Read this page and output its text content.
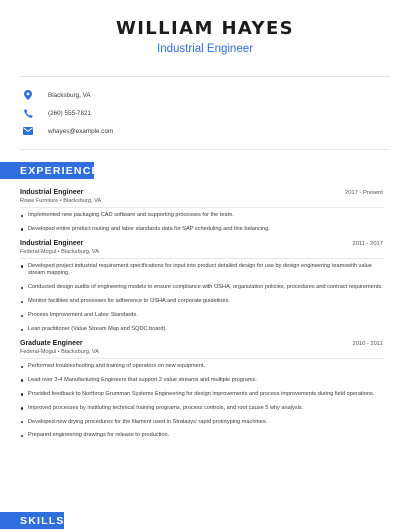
WILLIAM HAYES
Industrial Engineer
Blacksburg, VA
(260) 555-7821
whayes@example.com
EXPERIENCE
Industrial Engineer	2017 - Present
Rowe Furniture • Blacksburg, VA
Implemented new packaging CAD software and supporting processes for the team.
Developed entire product routing and labor standards data for SAP scheduling and line balancing.
Industrial Engineer	2011 - 2017
Federal-Mogul • Blacksburg, VA
Developed project industrial requirement specifications for input into product detailed design for use by design engineering teamswith value stream mapping.
Conducted design audits of engineering models to ensure compliance with OSHA, organization policies, procedures and contract requirements.
Monitor facilities and processes for adherence to OSHA and corporate guidelines.
Process Improvement and Labor Standards.
Lean practitioner (Value Stream Map and SQDC board).
Graduate Engineer	2010 - 2011
Federal-Mogul • Blacksburg, VA
Performed troubleshooting and training of operators on new equipment.
Lead over 3-4 Manufacturing Engineers that support 2 value streams and multiple programs.
Provided feedback to Northrop Grumman Systems Engineering for design improvements and process improvements during field operations.
Improved processes by instituting technical training programs, process controls, and root cause 5 why analysis.
Developed new drying procedures for the filament used in Stratasys' rapid prototyping machines.
Prepared engineering drawings for release to production.
SKILLS
